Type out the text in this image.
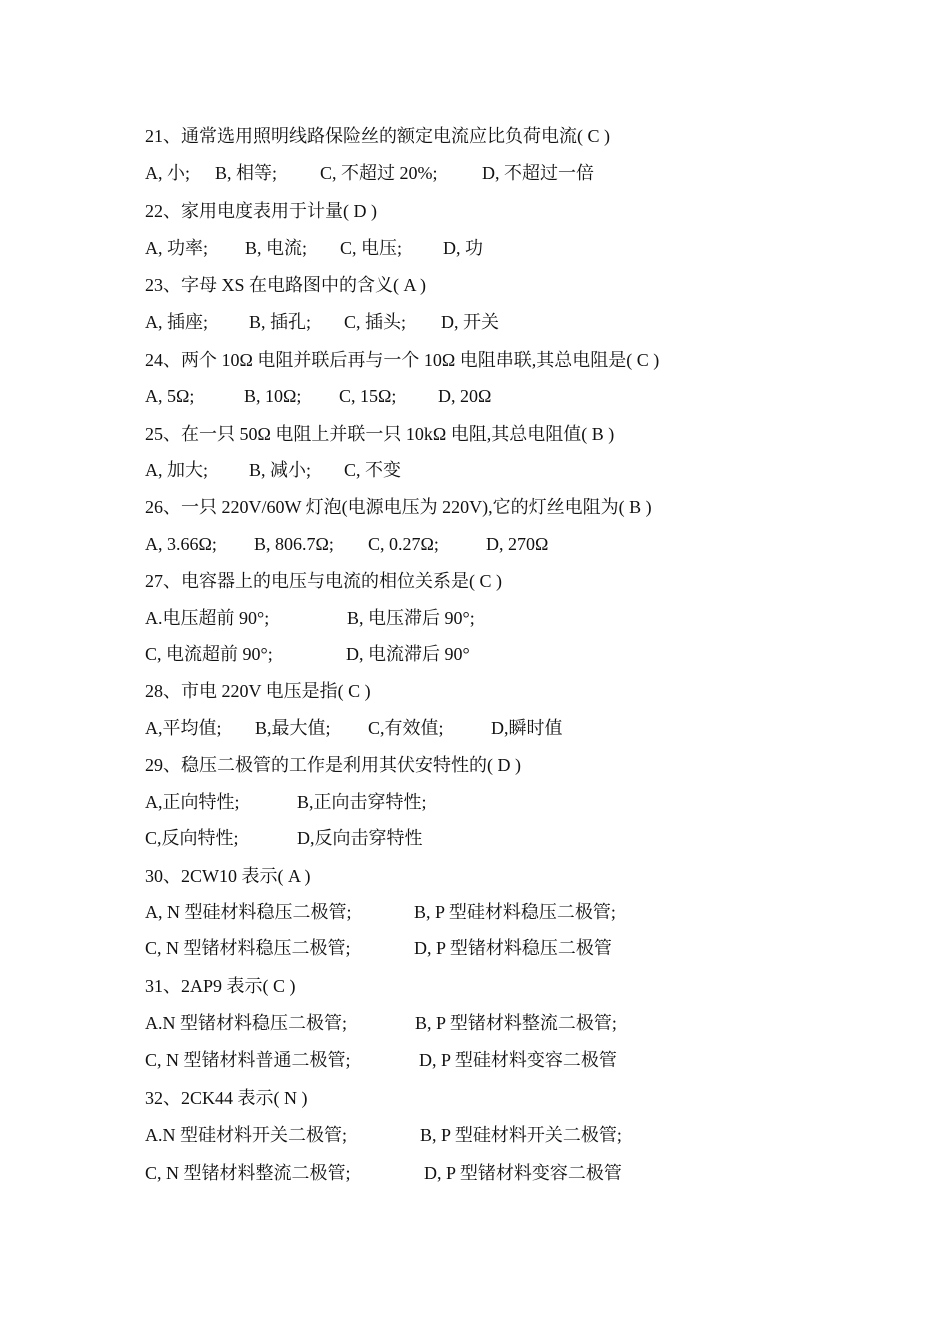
21、通常选用照明线路保险丝的额定电流应比负荷电流( C )
A, 小; B, 相等; C, 不超过 20%; D, 不超过一倍
22、家用电度表用于计量( D )
A, 功率; B, 电流; C, 电压; D, 功
23、字母 XS 在电路图中的含义( A )
A, 插座; B, 插孔; C, 插头; D, 开关
24、两个 10Ω 电阻并联后再与一个 10Ω 电阻串联,其总电阻是( C )
A, 5Ω;	B, 10Ω; C, 15Ω; D, 20Ω
25、在一只 50Ω 电阻上并联一只 10kΩ 电阻,其总电阻值( B )
A, 加大; B, 减小; C, 不变
26、一只 220V/60W 灯泡(电源电压为 220V),它的灯丝电阻为( B )
A, 3.66Ω; B, 806.7Ω; C, 0.27Ω;	D, 270Ω
27、电容器上的电压与电流的相位关系是( C )
A.电压超前 90°;	B, 电压滞后 90°;
C, 电流超前 90°;	D, 电流滞后 90°
28、市电 220V 电压是指( C )
A,平均值; B,最大值; C,有效值;	D,瞬时值
29、稳压二极管的工作是利用其伏安特性的( D )
A,正向特性;	B,正向击穿特性;
C,反向特性;	D,反向击穿特性
30、2CW10 表示( A )
A, N 型硅材料稳压二极管;	B, P 型硅材料稳压二极管;
C, N 型锗材料稳压二极管;	D, P 型锗材料稳压二极管
31、2AP9 表示( C )
A.N 型锗材料稳压二极管;	B, P 型锗材料整流二极管;
C, N 型锗材料普通二极管;	D, P 型硅材料变容二极管
32、2CK44 表示( N )
A.N 型硅材料开关二极管;	B, P 型硅材料开关二极管;
C, N 型锗材料整流二极管;	D, P 型锗材料变容二极管
